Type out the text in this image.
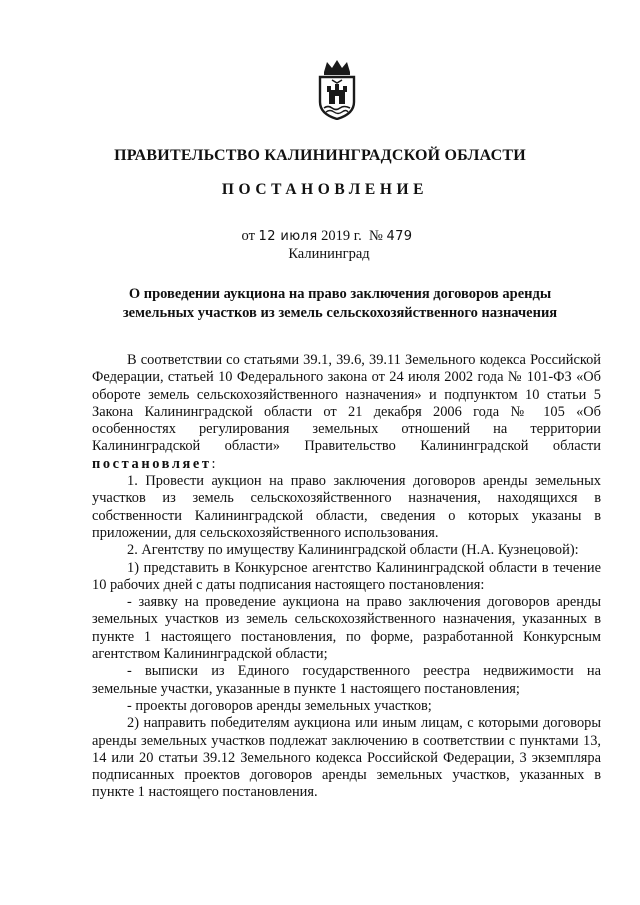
ПРАВИТЕЛЬСТВО КАЛИНИНГРАДСКОЙ ОБЛАСТИ
ПОСТАНОВЛЕНИЕ
от 12 июля 2019 г. № 479
Калининград
О проведении аукциона на право заключения договоров аренды
земельных участков из земель сельскохозяйственного назначения

В соответствии со статьями 39.1, 39.6, 39.11 Земельного кодекса Российской Федерации, статьей 10 Федерального закона от 24 июля 2002 года № 101-ФЗ «Об обороте земель сельскохозяйственного назначения» и подпунктом 10 статьи 5 Закона Калининградской области от 21 декабря 2006 года № 105 «Об особенностях регулирования земельных отношений на территории Калининградской области» Правительство Калининградской области постановляет:

1. Провести аукцион на право заключения договоров аренды земельных участков из земель сельскохозяйственного назначения, находящихся в собственности Калининградской области, сведения о которых указаны в приложении, для сельскохозяйственного использования.

2. Агентству по имуществу Калининградской области (Н.А. Кузнецовой):

1) представить в Конкурсное агентство Калининградской области в течение 10 рабочих дней с даты подписания настоящего постановления:

- заявку на проведение аукциона на право заключения договоров аренды земельных участков из земель сельскохозяйственного назначения, указанных в пункте 1 настоящего постановления, по форме, разработанной Конкурсным агентством Калининградской области;

- выписки из Единого государственного реестра недвижимости на земельные участки, указанные в пункте 1 настоящего постановления;

- проекты договоров аренды земельных участков;

2) направить победителям аукциона или иным лицам, с которыми договоры аренды земельных участков подлежат заключению в соответствии с пунктами 13, 14 или 20 статьи 39.12 Земельного кодекса Российской Федерации, 3 экземпляра подписанных проектов договоров аренды земельных участков, указанных в пункте 1 настоящего постановления.
